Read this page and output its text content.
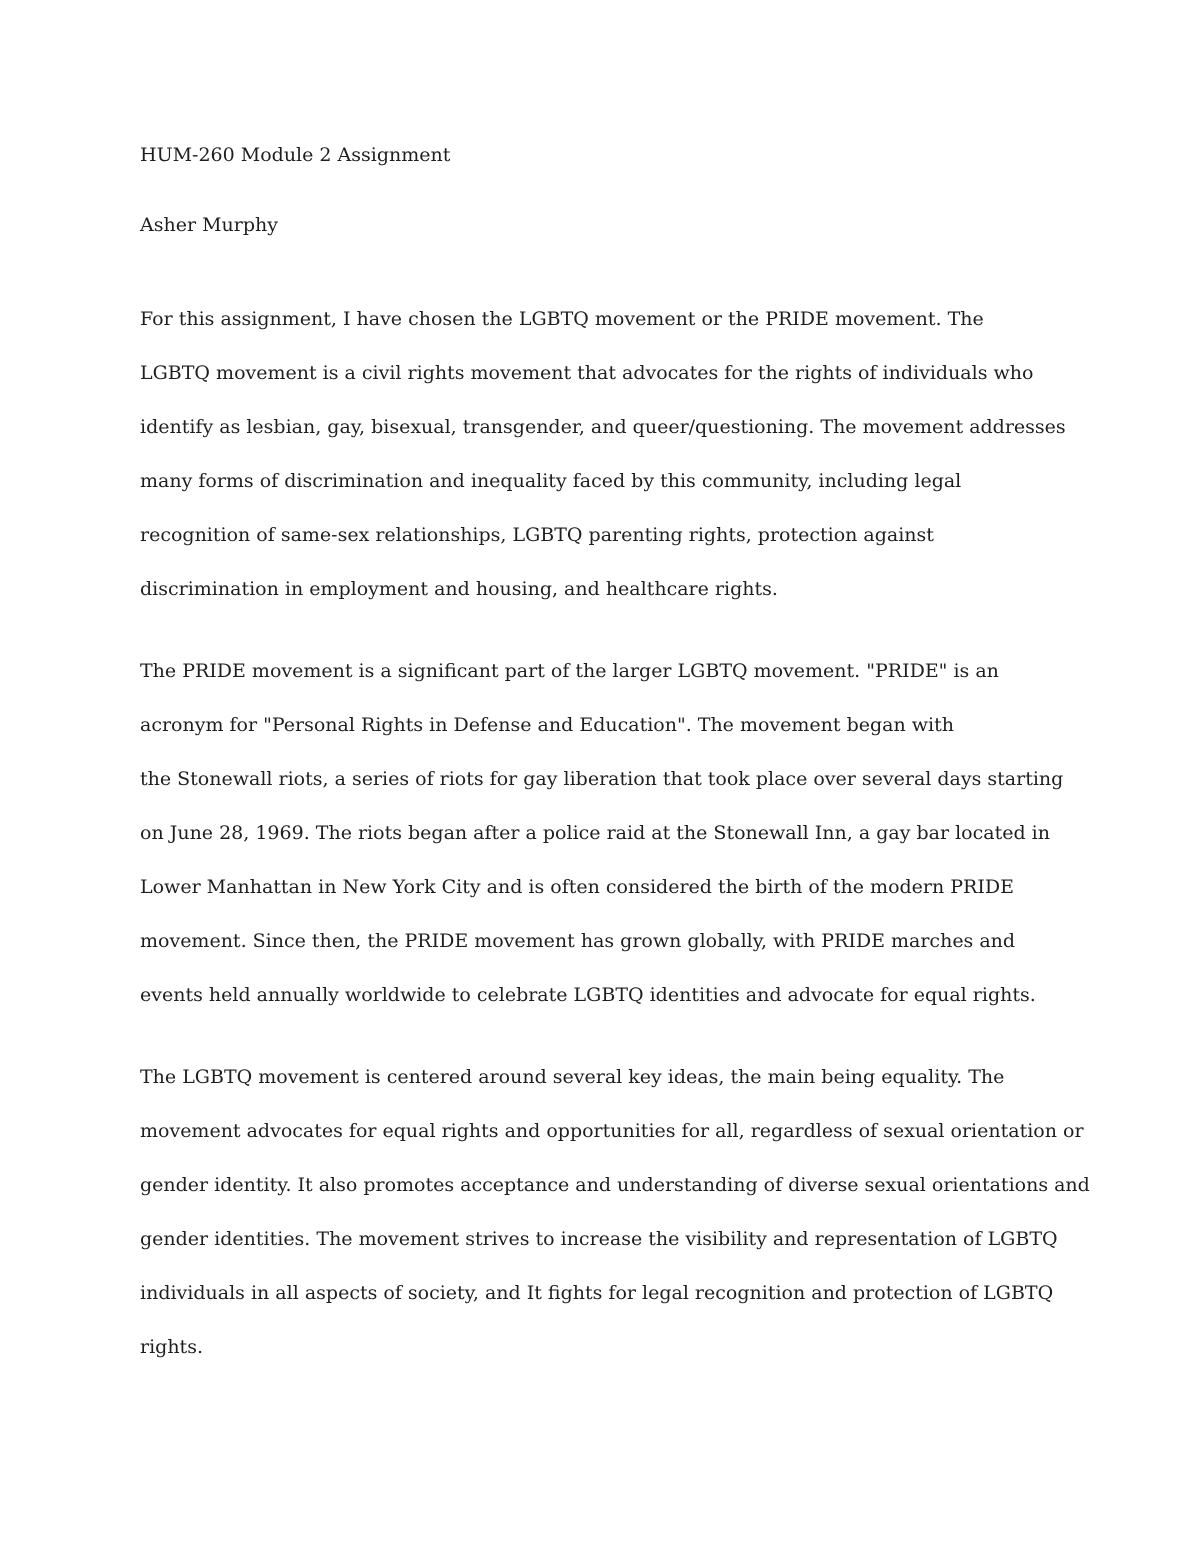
HUM-260 Module 2 Assignment

Asher Murphy

For this assignment, I have chosen the LGBTQ movement or the PRIDE movement. The

LGBTQ movement is a civil rights movement that advocates for the rights of individuals who

identify as lesbian, gay, bisexual, transgender, and queer/questioning. The movement addresses

many forms of discrimination and inequality faced by this community, including legal

recognition of same-sex relationships, LGBTQ parenting rights, protection against

discrimination in employment and housing, and healthcare rights.

The PRIDE movement is a significant part of the larger LGBTQ movement. "PRIDE" is an

acronym for "Personal Rights in Defense and Education". The movement began with

the Stonewall riots, a series of riots for gay liberation that took place over several days starting

on June 28, 1969. The riots began after a police raid at the Stonewall Inn, a gay bar located in

Lower Manhattan in New York City and is often considered the birth of the modern PRIDE

movement. Since then, the PRIDE movement has grown globally, with PRIDE marches and

events held annually worldwide to celebrate LGBTQ identities and advocate for equal rights.

The LGBTQ movement is centered around several key ideas, the main being equality. The

movement advocates for equal rights and opportunities for all, regardless of sexual orientation or

gender identity. It also promotes acceptance and understanding of diverse sexual orientations and

gender identities. The movement strives to increase the visibility and representation of LGBTQ

individuals in all aspects of society, and It fights for legal recognition and protection of LGBTQ

rights.
